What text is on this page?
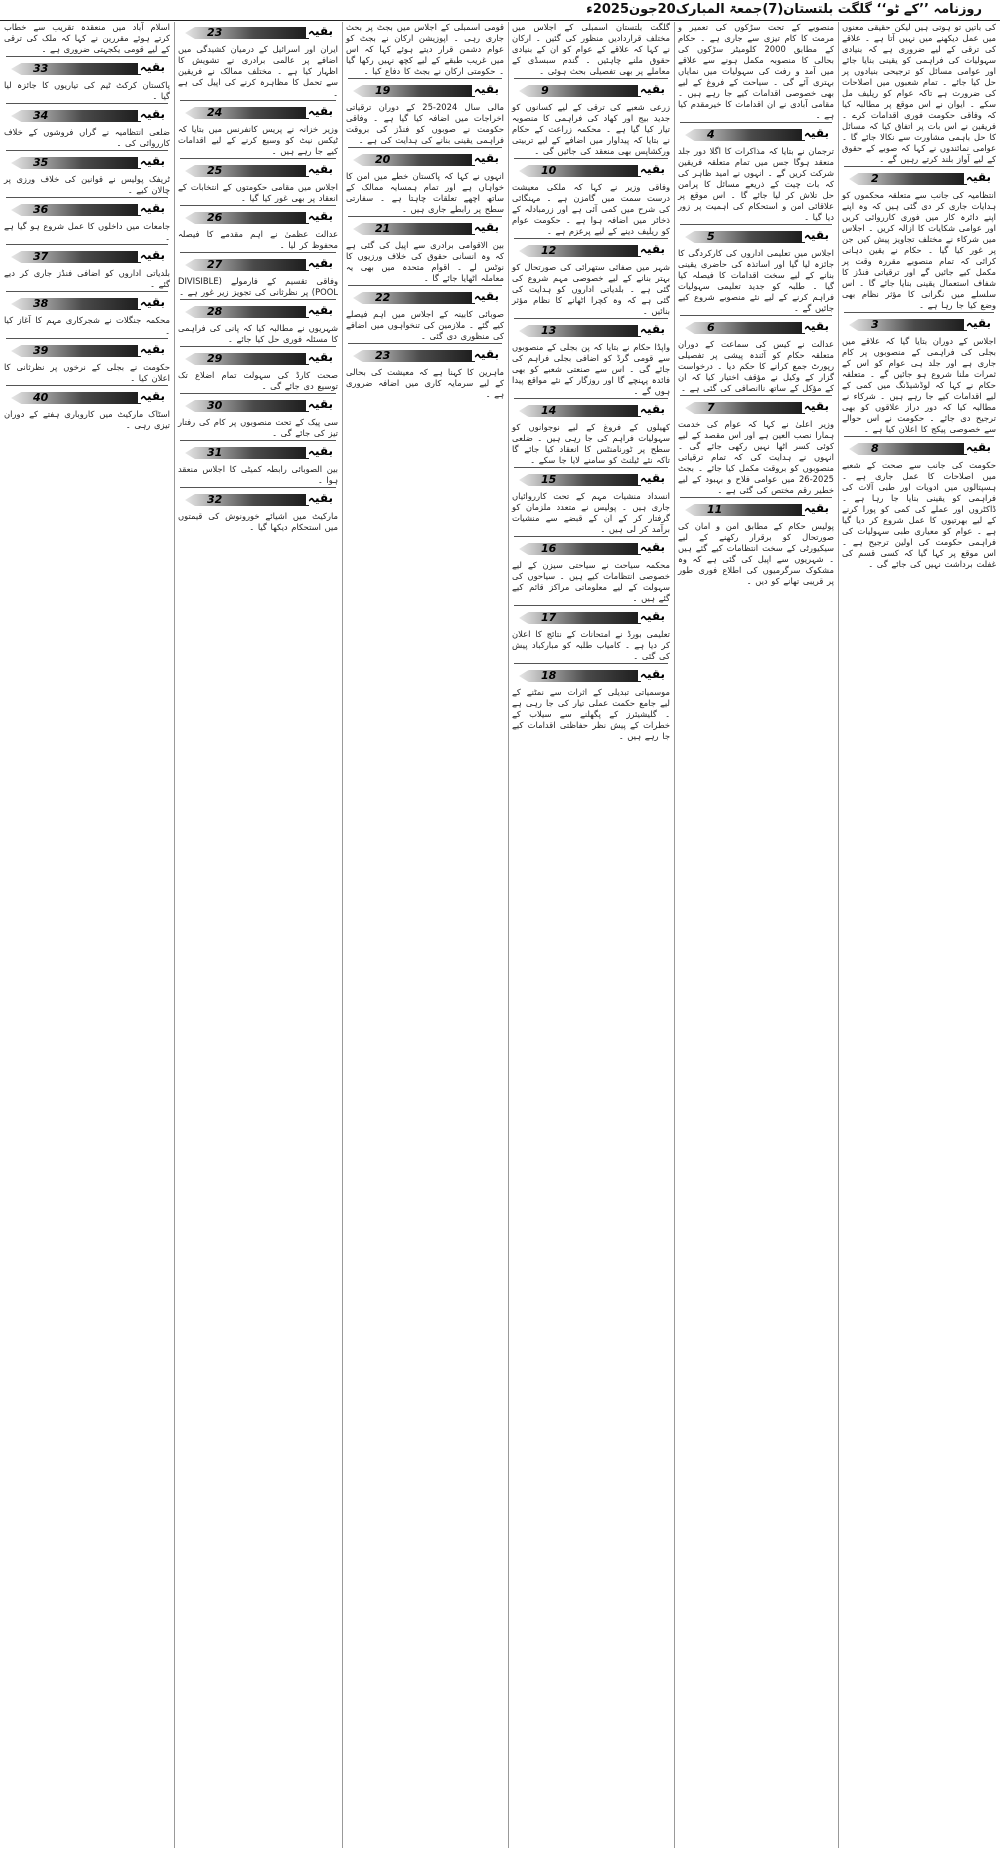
روزنامہ ’’کے ٹو‘‘ گلگت بلتستان(7)جمعۃ المبارک20جون2025ء
کی باتیں تو ہوتی ہیں لیکن حقیقی معنوں میں عمل دیکھنے میں نہیں آتا ہے ۔ علاقے کی ترقی کے لیے ضروری ہے کہ بنیادی سہولیات کی فراہمی کو یقینی بنایا جائے اور عوامی مسائل کو ترجیحی بنیادوں پر حل کیا جائے ۔ تمام شعبوں میں اصلاحات کی ضرورت ہے تاکہ عوام کو ریلیف مل سکے ۔ ایوان نے اس موقع پر مطالبہ کیا کہ وفاقی حکومت فوری اقدامات کرے ۔ فریقین نے اس بات پر اتفاق کیا کہ مسائل کا حل باہمی مشاورت سے نکالا جائے گا ۔ عوامی نمائندوں نے کہا کہ صوبے کے حقوق کے لیے آواز بلند کرتے رہیں گے ۔
2	بقیہ
انتظامیہ کی جانب سے متعلقہ محکموں کو ہدایات جاری کر دی گئی ہیں کہ وہ اپنے اپنے دائرہ کار میں فوری کارروائی کریں اور عوامی شکایات کا ازالہ کریں ۔ اجلاس میں شرکاء نے مختلف تجاویز پیش کیں جن پر غور کیا گیا ۔ حکام نے یقین دہانی کرائی کہ تمام منصوبے مقررہ وقت پر مکمل کیے جائیں گے اور ترقیاتی فنڈز کا شفاف استعمال یقینی بنایا جائے گا ۔ اس سلسلے میں نگرانی کا مؤثر نظام بھی وضع کیا جا رہا ہے ۔
3	بقیہ
اجلاس کے دوران بتایا گیا کہ علاقے میں بجلی کی فراہمی کے منصوبوں پر کام جاری ہے اور جلد ہی عوام کو اس کے ثمرات ملنا شروع ہو جائیں گے ۔ متعلقہ حکام نے کہا کہ لوڈشیڈنگ میں کمی کے لیے اقدامات کیے جا رہے ہیں ۔ شرکاء نے مطالبہ کیا کہ دور دراز علاقوں کو بھی ترجیح دی جائے ۔ حکومت نے اس حوالے سے خصوصی پیکج کا اعلان کیا ہے ۔
8	بقیہ
حکومت کی جانب سے صحت کے شعبے میں اصلاحات کا عمل جاری ہے ۔ ہسپتالوں میں ادویات اور طبی آلات کی فراہمی کو یقینی بنایا جا رہا ہے ۔ ڈاکٹروں اور عملے کی کمی کو پورا کرنے کے لیے بھرتیوں کا عمل شروع کر دیا گیا ہے ۔ عوام کو معیاری طبی سہولیات کی فراہمی حکومت کی اولین ترجیح ہے ۔ اس موقع پر کہا گیا کہ کسی قسم کی غفلت برداشت نہیں کی جائے گی ۔
منصوبے کے تحت سڑکوں کی تعمیر و مرمت کا کام تیزی سے جاری ہے ۔ حکام کے مطابق 2000 کلومیٹر سڑکوں کی بحالی کا منصوبہ مکمل ہونے سے علاقے میں آمد و رفت کی سہولیات میں نمایاں بہتری آئے گی ۔ سیاحت کے فروغ کے لیے بھی خصوصی اقدامات کیے جا رہے ہیں ۔ مقامی آبادی نے ان اقدامات کا خیرمقدم کیا ہے ۔
4	بقیہ
ترجمان نے بتایا کہ مذاکرات کا اگلا دور جلد منعقد ہوگا جس میں تمام متعلقہ فریقین شرکت کریں گے ۔ انہوں نے امید ظاہر کی کہ بات چیت کے ذریعے مسائل کا پرامن حل تلاش کر لیا جائے گا ۔ اس موقع پر علاقائی امن و استحکام کی اہمیت پر زور دیا گیا ۔
5	بقیہ
اجلاس میں تعلیمی اداروں کی کارکردگی کا جائزہ لیا گیا اور اساتذہ کی حاضری یقینی بنانے کے لیے سخت اقدامات کا فیصلہ کیا گیا ۔ طلبہ کو جدید تعلیمی سہولیات فراہم کرنے کے لیے نئے منصوبے شروع کیے جائیں گے ۔
6	بقیہ
عدالت نے کیس کی سماعت کے دوران متعلقہ حکام کو آئندہ پیشی پر تفصیلی رپورٹ جمع کرانے کا حکم دیا ۔ درخواست گزار کے وکیل نے مؤقف اختیار کیا کہ ان کے مؤکل کے ساتھ ناانصافی کی گئی ہے ۔
7	بقیہ
وزیر اعلیٰ نے کہا کہ عوام کی خدمت ہمارا نصب العین ہے اور اس مقصد کے لیے کوئی کسر اٹھا نہیں رکھی جائے گی ۔ انہوں نے ہدایت کی کہ تمام ترقیاتی منصوبوں کو بروقت مکمل کیا جائے ۔ بجٹ 2025-26 میں عوامی فلاح و بہبود کے لیے خطیر رقم مختص کی گئی ہے ۔
11	بقیہ
پولیس حکام کے مطابق امن و امان کی صورتحال کو برقرار رکھنے کے لیے سیکیورٹی کے سخت انتظامات کیے گئے ہیں ۔ شہریوں سے اپیل کی گئی ہے کہ وہ مشکوک سرگرمیوں کی اطلاع فوری طور پر قریبی تھانے کو دیں ۔
گلگت بلتستان اسمبلی کے اجلاس میں مختلف قراردادیں منظور کی گئیں ۔ ارکان نے کہا کہ علاقے کے عوام کو ان کے بنیادی حقوق ملنے چاہئیں ۔ گندم سبسڈی کے معاملے پر بھی تفصیلی بحث ہوئی ۔
9	بقیہ
زرعی شعبے کی ترقی کے لیے کسانوں کو جدید بیج اور کھاد کی فراہمی کا منصوبہ تیار کیا گیا ہے ۔ محکمہ زراعت کے حکام نے بتایا کہ پیداوار میں اضافے کے لیے تربیتی ورکشاپس بھی منعقد کی جائیں گی ۔
10	بقیہ
وفاقی وزیر نے کہا کہ ملکی معیشت درست سمت میں گامزن ہے ۔ مہنگائی کی شرح میں کمی آئی ہے اور زرمبادلہ کے ذخائر میں اضافہ ہوا ہے ۔ حکومت عوام کو ریلیف دینے کے لیے پرعزم ہے ۔
12	بقیہ
شہر میں صفائی ستھرائی کی صورتحال کو بہتر بنانے کے لیے خصوصی مہم شروع کی گئی ہے ۔ بلدیاتی اداروں کو ہدایت کی گئی ہے کہ وہ کچرا اٹھانے کا نظام مؤثر بنائیں ۔
13	بقیہ
واپڈا حکام نے بتایا کہ پن بجلی کے منصوبوں سے قومی گرڈ کو اضافی بجلی فراہم کی جائے گی ۔ اس سے صنعتی شعبے کو بھی فائدہ پہنچے گا اور روزگار کے نئے مواقع پیدا ہوں گے ۔
14	بقیہ
کھیلوں کے فروغ کے لیے نوجوانوں کو سہولیات فراہم کی جا رہی ہیں ۔ ضلعی سطح پر ٹورنامنٹس کا انعقاد کیا جائے گا تاکہ نئے ٹیلنٹ کو سامنے لایا جا سکے ۔
15	بقیہ
انسداد منشیات مہم کے تحت کارروائیاں جاری ہیں ۔ پولیس نے متعدد ملزمان کو گرفتار کر کے ان کے قبضے سے منشیات برآمد کر لی ہیں ۔
16	بقیہ
محکمہ سیاحت نے سیاحتی سیزن کے لیے خصوصی انتظامات کیے ہیں ۔ سیاحوں کی سہولت کے لیے معلوماتی مراکز قائم کیے گئے ہیں ۔
17	بقیہ
تعلیمی بورڈ نے امتحانات کے نتائج کا اعلان کر دیا ہے ۔ کامیاب طلبہ کو مبارکباد پیش کی گئی ۔
18	بقیہ
موسمیاتی تبدیلی کے اثرات سے نمٹنے کے لیے جامع حکمت عملی تیار کی جا رہی ہے ۔ گلیشیئرز کے پگھلنے سے سیلاب کے خطرات کے پیش نظر حفاظتی اقدامات کیے جا رہے ہیں ۔
قومی اسمبلی کے اجلاس میں بجٹ پر بحث جاری رہی ۔ اپوزیشن ارکان نے بجٹ کو عوام دشمن قرار دیتے ہوئے کہا کہ اس میں غریب طبقے کے لیے کچھ نہیں رکھا گیا ۔ حکومتی ارکان نے بجٹ کا دفاع کیا ۔
19	بقیہ
مالی سال 2024-25 کے دوران ترقیاتی اخراجات میں اضافہ کیا گیا ہے ۔ وفاقی حکومت نے صوبوں کو فنڈز کی بروقت فراہمی یقینی بنانے کی ہدایت کی ہے ۔
20	بقیہ
انہوں نے کہا کہ پاکستان خطے میں امن کا خواہاں ہے اور تمام ہمسایہ ممالک کے ساتھ اچھے تعلقات چاہتا ہے ۔ سفارتی سطح پر رابطے جاری ہیں ۔
21	بقیہ
بین الاقوامی برادری سے اپیل کی گئی ہے کہ وہ انسانی حقوق کی خلاف ورزیوں کا نوٹس لے ۔ اقوام متحدہ میں بھی یہ معاملہ اٹھایا جائے گا ۔
22	بقیہ
صوبائی کابینہ کے اجلاس میں اہم فیصلے کیے گئے ۔ ملازمین کی تنخواہوں میں اضافے کی منظوری دی گئی ۔
23	بقیہ
ماہرین کا کہنا ہے کہ معیشت کی بحالی کے لیے سرمایہ کاری میں اضافہ ضروری ہے ۔
23	بقیہ
ایران اور اسرائیل کے درمیان کشیدگی میں اضافے پر عالمی برادری نے تشویش کا اظہار کیا ہے ۔ مختلف ممالک نے فریقین سے تحمل کا مظاہرہ کرنے کی اپیل کی ہے ۔
24	بقیہ
وزیر خزانہ نے پریس کانفرنس میں بتایا کہ ٹیکس نیٹ کو وسیع کرنے کے لیے اقدامات کیے جا رہے ہیں ۔
25	بقیہ
اجلاس میں مقامی حکومتوں کے انتخابات کے انعقاد پر بھی غور کیا گیا ۔
26	بقیہ
عدالت عظمیٰ نے اہم مقدمے کا فیصلہ محفوظ کر لیا ۔
27	بقیہ
وفاقی تقسیم کے فارمولے (DIVISIBLE POOL) پر نظرثانی کی تجویز زیر غور ہے ۔
28	بقیہ
شہریوں نے مطالبہ کیا کہ پانی کی فراہمی کا مسئلہ فوری حل کیا جائے ۔
29	بقیہ
صحت کارڈ کی سہولت تمام اضلاع تک توسیع دی جائے گی ۔
30	بقیہ
سی پیک کے تحت منصوبوں پر کام کی رفتار تیز کی جائے گی ۔
31	بقیہ
بین الصوبائی رابطہ کمیٹی کا اجلاس منعقد ہوا ۔
32	بقیہ
مارکیٹ میں اشیائے خورونوش کی قیمتوں میں استحکام دیکھا گیا ۔
اسلام آباد میں منعقدہ تقریب سے خطاب کرتے ہوئے مقررین نے کہا کہ ملک کی ترقی کے لیے قومی یکجہتی ضروری ہے ۔
33	بقیہ
پاکستان کرکٹ ٹیم کی تیاریوں کا جائزہ لیا گیا ۔
34	بقیہ
ضلعی انتظامیہ نے گراں فروشوں کے خلاف کارروائی کی ۔
35	بقیہ
ٹریفک پولیس نے قوانین کی خلاف ورزی پر چالان کیے ۔
36	بقیہ
جامعات میں داخلوں کا عمل شروع ہو گیا ہے ۔
37	بقیہ
بلدیاتی اداروں کو اضافی فنڈز جاری کر دیے گئے ۔
38	بقیہ
محکمہ جنگلات نے شجرکاری مہم کا آغاز کیا ۔
39	بقیہ
حکومت نے بجلی کے نرخوں پر نظرثانی کا اعلان کیا ۔
40	بقیہ
اسٹاک مارکیٹ میں کاروباری ہفتے کے دوران تیزی رہی ۔
